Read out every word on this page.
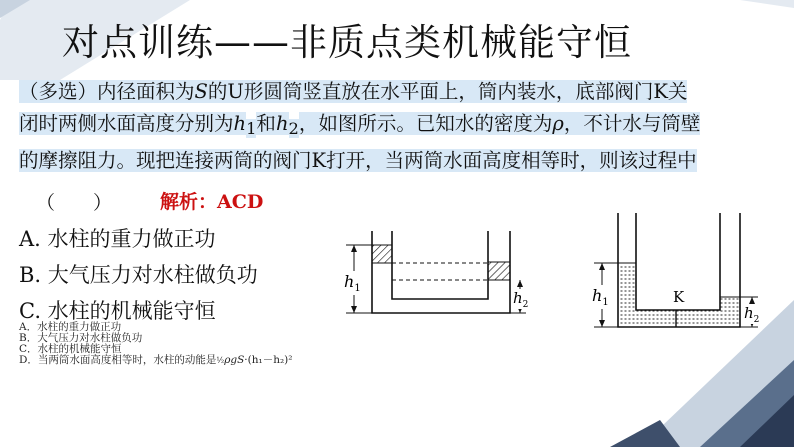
对点训练——非质点类机械能守恒
（多选）内径面积为S的U形圆筒竖直放在水平面上，筒内装水，底部阀门K关
闭时两侧水面高度分别为$h_1$和$h_2$，如图所示。已知水的密度为ρ，不计水与筒壁
的摩擦阻力。现把连接两筒的阀门K打开，当两筒水面高度相等时，则该过程中
（　　）	解析：ACD
A. 水柱的重力做正功
B. 大气压力对水柱做负功
C. 水柱的机械能守恒
A．水柱的重力做正功
B．大气压力对水柱做负功
C．水柱的机械能守恒
D．当两筒水面高度相等时，水柱的动能是½ρgS·(h₁－h₂)²
$h_1$
$h_2$	K
$h_1$
$h_2$
